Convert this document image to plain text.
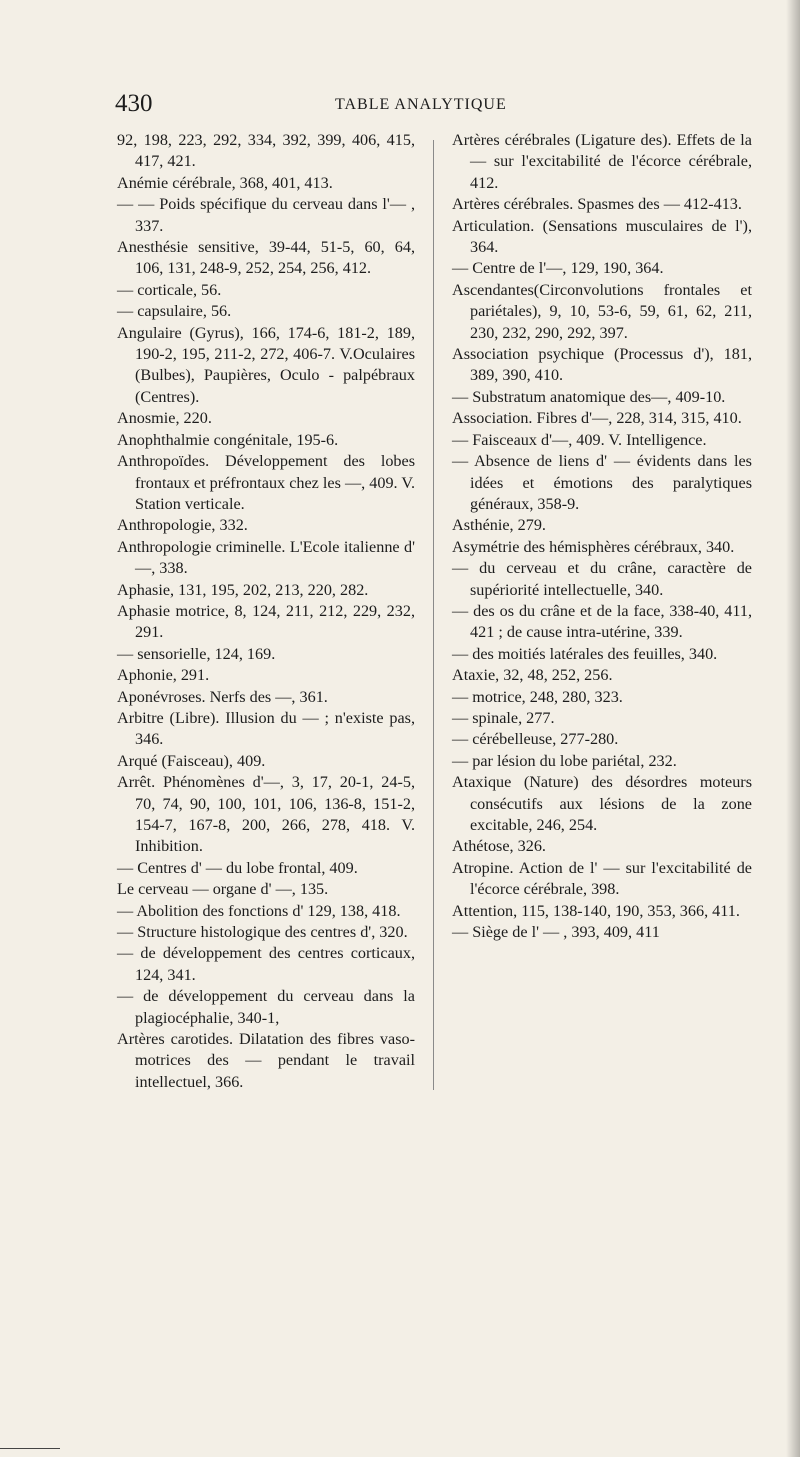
430	TABLE ANALYTIQUE
92, 198, 223, 292, 334, 392, 399, 406, 415, 417, 421.
Anémie cérébrale, 368, 401, 413.
— — Poids spécifique du cerveau dans l'— , 337.
Anesthésie sensitive, 39-44, 51-5, 60, 64, 106, 131, 248-9, 252, 254, 256, 412.
— corticale, 56.
— capsulaire, 56.
Angulaire (Gyrus), 166, 174-6, 181-2, 189, 190-2, 195, 211-2, 272, 406-7. V.Oculaires (Bulbes), Paupières, Oculo - palpébraux (Centres).
Anosmie, 220.
Anophthalmie congénitale, 195-6.
Anthropoïdes. Développement des lobes frontaux et préfrontaux chez les —, 409. V. Station verticale.
Anthropologie, 332.
Anthropologie criminelle. L'Ecole italienne d' —, 338.
Aphasie, 131, 195, 202, 213, 220, 282.
Aphasie motrice, 8, 124, 211, 212, 229, 232, 291.
— sensorielle, 124, 169.
Aphonie, 291.
Aponévroses. Nerfs des —, 361.
Arbitre (Libre). Illusion du — ; n'existe pas, 346.
Arqué (Faisceau), 409.
Arrêt. Phénomènes d'—, 3, 17, 20-1, 24-5, 70, 74, 90, 100, 101, 106, 136-8, 151-2, 154-7, 167-8, 200, 266, 278, 418. V. Inhibition.
— Centres d' — du lobe frontal, 409.
Le cerveau — organe d' —, 135.
— Abolition des fonctions d' 129, 138, 418.
— Structure histologique des centres d', 320.
— de développement des centres corticaux, 124, 341.
— de développement du cerveau dans la plagiocéphalie, 340-1,
Artères carotides. Dilatation des fibres vaso-motrices des — pendant le travail intellectuel, 366.
Artères cérébrales (Ligature des). Effets de la — sur l'excitabilité de l'écorce cérébrale, 412.
Artères cérébrales. Spasmes des — 412-413.
Articulation. (Sensations musculaires de l'), 364.
— Centre de l'—, 129, 190, 364.
Ascendantes(Circonvolutions frontales et pariétales), 9, 10, 53-6, 59, 61, 62, 211, 230, 232, 290, 292, 397.
Association psychique (Processus d'), 181, 389, 390, 410.
— Substratum anatomique des—, 409-10.
Association. Fibres d'—, 228, 314, 315, 410.
— Faisceaux d'—, 409. V. Intelligence.
— Absence de liens d' — évidents dans les idées et émotions des paralytiques généraux, 358-9.
Asthénie, 279.
Asymétrie des hémisphères cérébraux, 340.
— du cerveau et du crâne, caractère de supériorité intellectuelle, 340.
— des os du crâne et de la face, 338-40, 411, 421 ; de cause intra-utérine, 339.
— des moitiés latérales des feuilles, 340.
Ataxie, 32, 48, 252, 256.
— motrice, 248, 280, 323.
— spinale, 277.
— cérébelleuse, 277-280.
— par lésion du lobe pariétal, 232.
Ataxique (Nature) des désordres moteurs consécutifs aux lésions de la zone excitable, 246, 254.
Athétose, 326.
Atropine. Action de l' — sur l'excitabilité de l'écorce cérébrale, 398.
Attention, 115, 138-140, 190, 353, 366, 411.
— Siège de l' — , 393, 409, 411
